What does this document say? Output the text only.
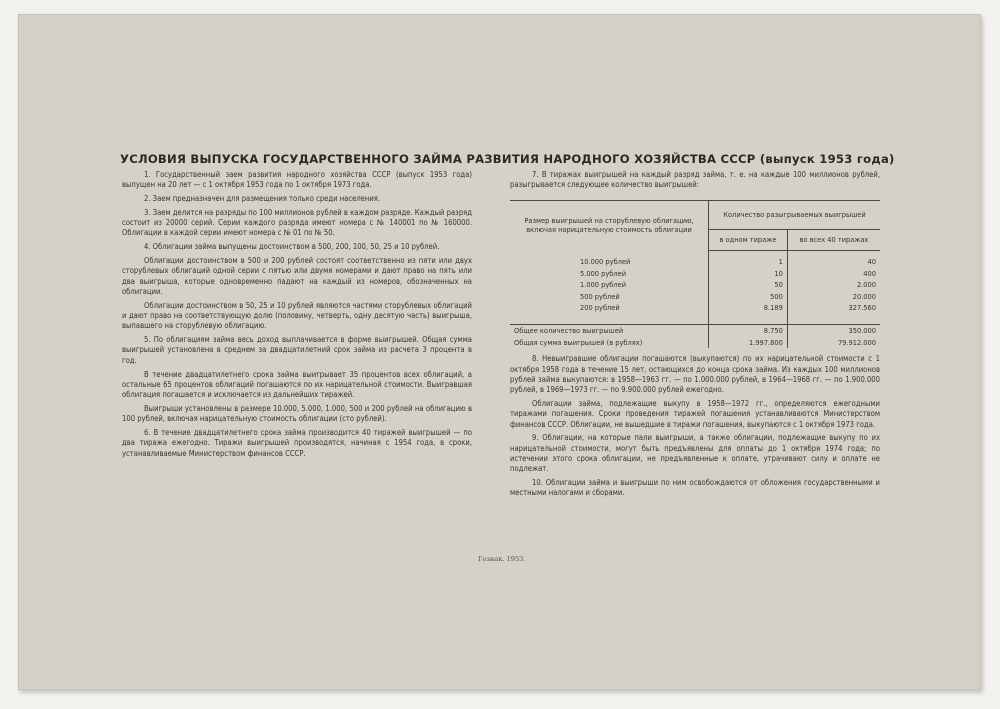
УСЛОВИЯ ВЫПУСКА ГОСУДАРСТВЕННОГО ЗАЙМА РАЗВИТИЯ НАРОДНОГО ХОЗЯЙСТВА СССР (выпуск 1953 года)

1. Государственный заем развития народного хозяйства СССР (выпуск 1953 года) выпущен на 20 лет — с 1 октября 1953 года по 1 октября 1973 года.

2. Заем предназначен для размещения только среди населения.

3. Заем делится на разряды по 100 миллионов рублей в каждом разряде. Каждый разряд состоит из 20000 серий. Серии каждого разряда имеют номера с № 140001 по № 160000. Облигации в каждой серии имеют номера с № 01 по № 50.

4. Облигации займа выпущены достоинством в 500, 200, 100, 50, 25 и 10 рублей.

Облигации достоинством в 500 и 200 рублей состоят соответственно из пяти или двух сторублевых облигаций одной серии с пятью или двумя номерами и дают право на пять или два выигрыша, которые одновременно падают на каждый из номеров, обозначенных на облигации.

Облигации достоинством в 50, 25 и 10 рублей являются частями сторублевых облигаций и дают право на соответствующую долю (половину, четверть, одну десятую часть) выигрыша, выпавшего на сторублевую облигацию.

5. По облигациям займа весь доход выплачивается в форме выигрышей. Общая сумма выигрышей установлена в среднем за двадцатилетний срок займа из расчета 3 процента в год.

В течение двадцатилетнего срока займа выигрывает 35 процентов всех облигаций, а остальные 65 процентов облигаций погашаются по их нарицательной стоимости. Выигравшая облигация погашается и исключается из дальнейших тиражей.

Выигрыши установлены в размере 10.000, 5.000, 1.000, 500 и 200 рублей на облигацию в 100 рублей, включая нарицательную стоимость облигации (сто рублей).

6. В течение двадцатилетнего срока займа производится 40 тиражей выигрышей — по два тиража ежегодно. Тиражи выигрышей производятся, начиная с 1954 года, в сроки, устанавливаемые Министерством финансов СССР.

7. В тиражах выигрышей на каждый разряд займа, т. е. на каждые 100 миллионов рублей, разыгрывается следующее количество выигрышей:

Размер выигрышей на сторублевую облигацию, включая нарицательную стоимость облигации	Количество разыгрываемых выигрышей	
	в одном тираже	во всех 40 тиражах

10.000 рублей	1	40
5.000 рублей	10	400
1.000 рублей	50	2.000
500 рублей	500	20.000
200 рублей	8.189	327.560

Общее количество выигрышей	8.750	350.000
Общая сумма выигрышей (в рублях)	1.997.800	79.912.000

8. Невыигравшие облигации погашаются (выкупаются) по их нарицательной стоимости с 1 октября 1958 года в течение 15 лет, остающихся до конца срока займа. Из каждых 100 миллионов рублей займа выкупаются: в 1958—1963 гг. — по 1.000.000 рублей, в 1964—1968 гг. — по 1.900.000 рублей, в 1969—1973 гг. — по 9.900.000 рублей ежегодно.

Облигации займа, подлежащие выкупу в 1958—1972 гг., определяются ежегодными тиражами погашения. Сроки проведения тиражей погашения устанавливаются Министерством финансов СССР. Облигации, не вышедшие в тиражи погашения, выкупаются с 1 октября 1973 года.

9. Облигации, на которые пали выигрыши, а также облигации, подлежащие выкупу по их нарицательной стоимости, могут быть предъявлены для оплаты до 1 октября 1974 года; по истечении этого срока облигации, не предъявленные к оплате, утрачивают силу и оплате не подлежат.

10. Облигации займа и выигрыши по ним освобождаются от обложения государственными и местными налогами и сборами.

Гознак. 1953.
